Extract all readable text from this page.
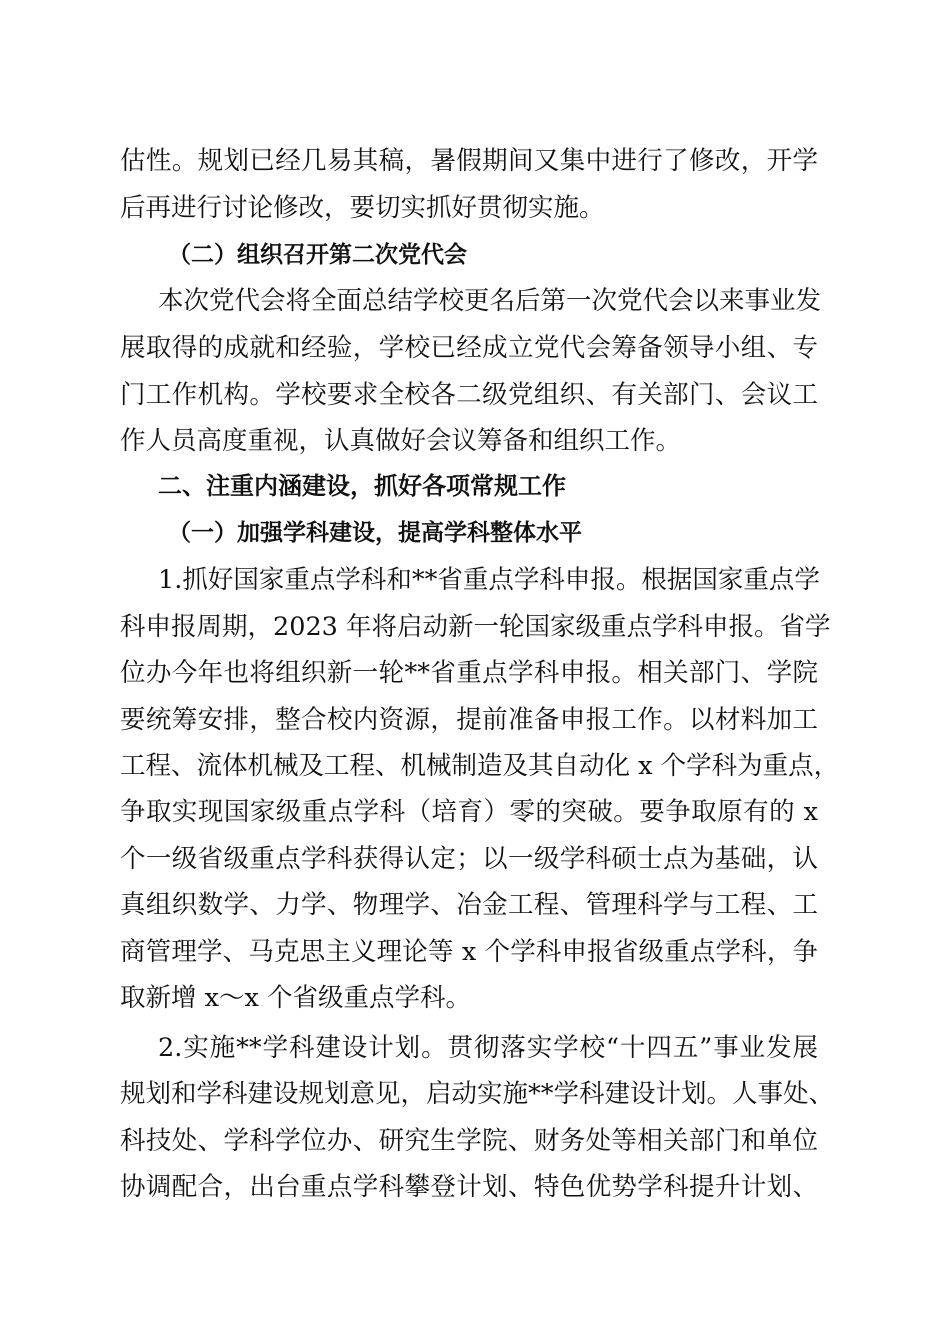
估性。规划已经几易其稿，暑假期间又集中进行了修改，开学
后再进行讨论修改，要切实抓好贯彻实施。
（二）组织召开第二次党代会
本次党代会将全面总结学校更名后第一次党代会以来事业发
展取得的成就和经验，学校已经成立党代会筹备领导小组、专
门工作机构。学校要求全校各二级党组织、有关部门、会议工
作人员高度重视，认真做好会议筹备和组织工作。
二、注重内涵建设，抓好各项常规工作
（一）加强学科建设，提高学科整体水平
1.抓好国家重点学科和**省重点学科申报。根据国家重点学
科申报周期，2023 年将启动新一轮国家级重点学科申报。省学
位办今年也将组织新一轮**省重点学科申报。相关部门、学院
要统筹安排，整合校内资源，提前准备申报工作。以材料加工
工程、流体机械及工程、机械制造及其自动化 x 个学科为重点，
争取实现国家级重点学科（培育）零的突破。要争取原有的 x
个一级省级重点学科获得认定；以一级学科硕士点为基础，认
真组织数学、力学、物理学、冶金工程、管理科学与工程、工
商管理学、马克思主义理论等 x 个学科申报省级重点学科，争
取新增 x～x 个省级重点学科。
2.实施**学科建设计划。贯彻落实学校“十四五”事业发展
规划和学科建设规划意见，启动实施**学科建设计划。人事处、
科技处、学科学位办、研究生学院、财务处等相关部门和单位
协调配合，出台重点学科攀登计划、特色优势学科提升计划、
